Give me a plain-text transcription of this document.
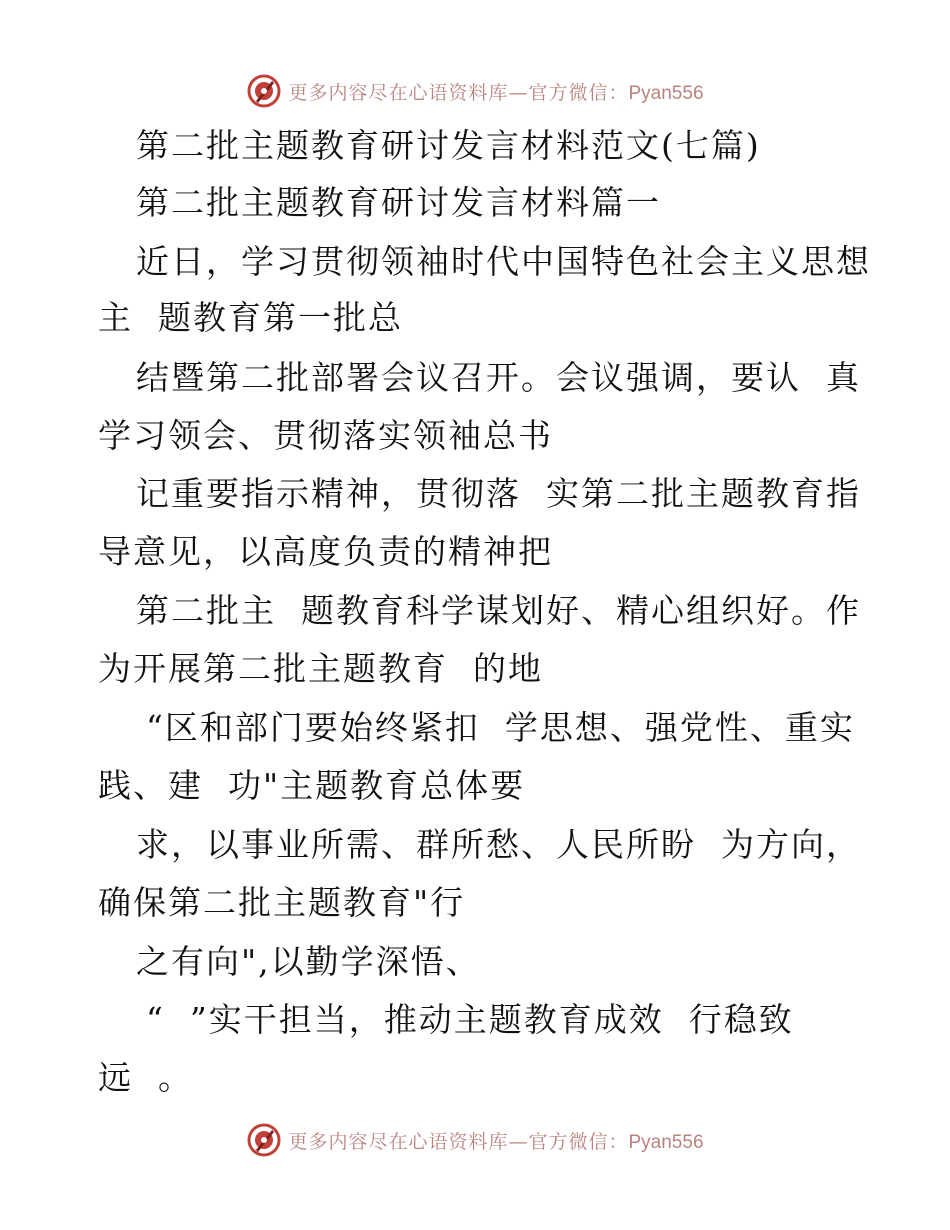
更多内容尽在心语资料库—官方微信：Pyan556
第二批主题教育研讨发言材料范文(七篇)
第二批主题教育研讨发言材料篇一
近日，学习贯彻领袖时代中国特色社会主义思想
主  题教育第一批总
结暨第二批部署会议召开。会议强调，要认  真
学习领会、贯彻落实领袖总书
记重要指示精神，贯彻落  实第二批主题教育指
导意见，以高度负责的精神把
第二批主  题教育科学谋划好、精心组织好。作
为开展第二批主题教育  的地
“区和部门要始终紧扣  学思想、强党性、重实
践、建  功"主题教育总体要
求，以事业所需、群所愁、人民所盼  为方向，
确保第二批主题教育"行
之有向",以勤学深悟、
“  ”实干担当，推动主题教育成效  行稳致
远  。
更多内容尽在心语资料库—官方微信：Pyan556
